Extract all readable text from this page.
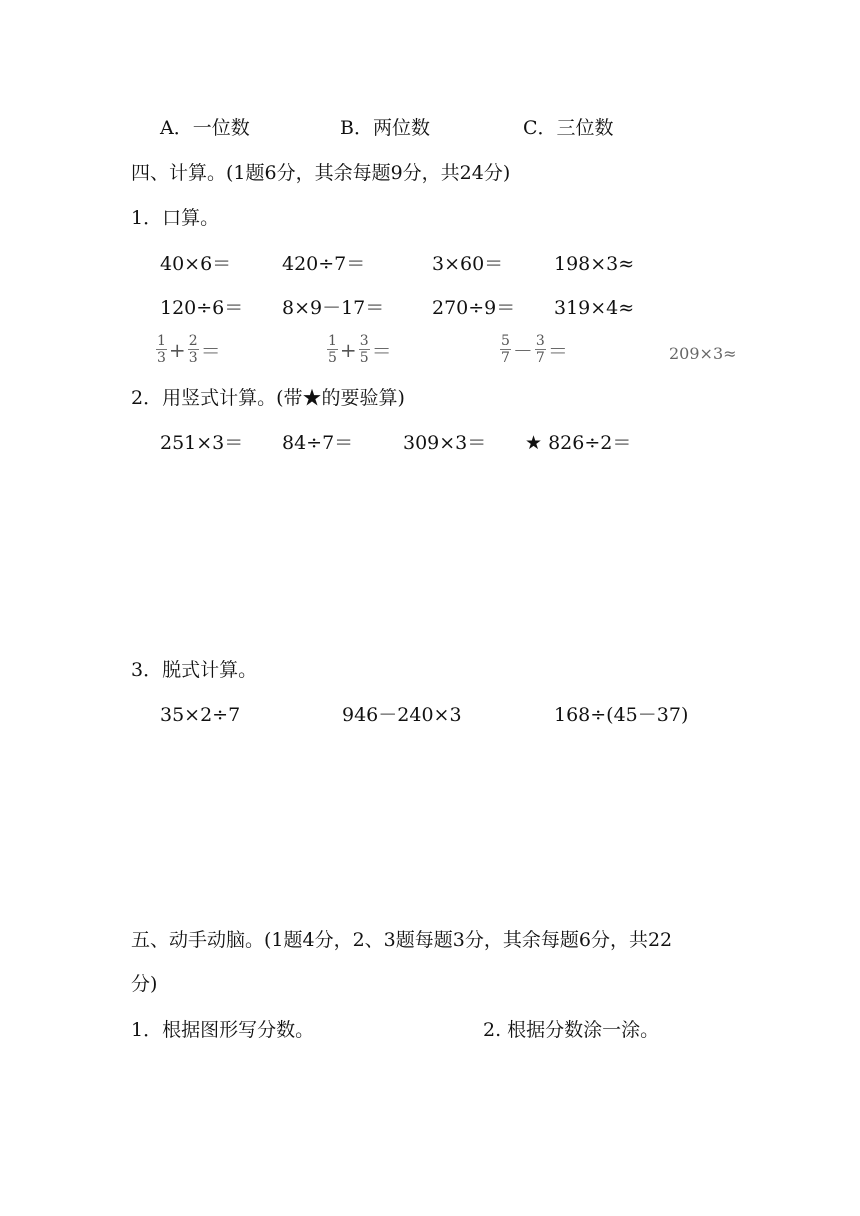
A．一位数	B．两位数	C．三位数
四、计算。(1题6分，其余每题9分，共24分)
1．口算。
40×6＝	420÷7＝	3×60＝	198×3≈
120÷6＝ 8×9－17＝	270÷9＝ 319×4≈
$\frac{1}{3} + \frac{2}{3}$ ＝	$\frac{1}{5} + \frac{3}{5}$ ＝	$\frac{5}{7} - \frac{3}{7}$ ＝	209×3≈
2．用竖式计算。(带★的要验算)
251×3＝ 84÷7＝	309×3＝ ★ 826÷2＝
3．脱式计算。
35×2÷7	946－240×3	168÷(45－37)
五、动手动脑。(1题4分，2、3题每题3分，其余每题6分，共22
分)
1．根据图形写分数。	2. 根据分数涂一涂。
